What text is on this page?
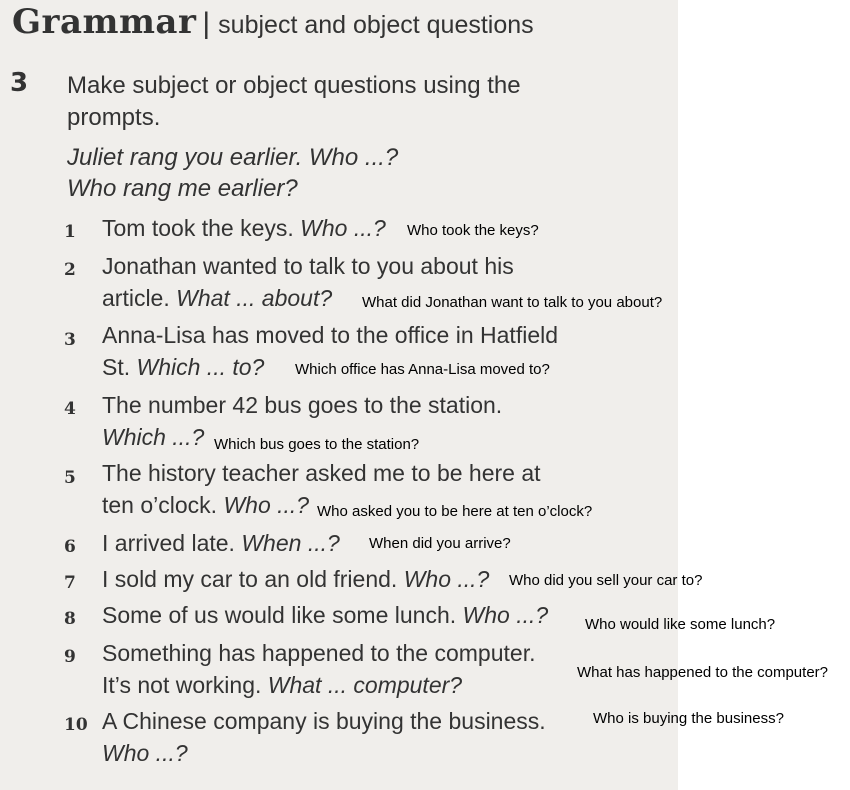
Grammar | subject and object questions
3 Make subject or object questions using the prompts.
Juliet rang you earlier. Who ...?
Who rang me earlier?
1 Tom took the keys. Who ...?
2 Jonathan wanted to talk to you about his
article. What ... about?
3 Anna-Lisa has moved to the office in Hatfield
St. Which ... to?
4 The number 42 bus goes to the station.
Which ...?
5 The history teacher asked me to be here at
ten o’clock. Who ...?
6 I arrived late. When ...?
7 I sold my car to an old friend. Who ...?
8 Some of us would like some lunch. Who ...?
9 Something has happened to the computer.
It’s not working. What ... computer?
10 A Chinese company is buying the business.
Who ...?
Who took the keys?
What did Jonathan want to talk to you about?
Which office has Anna-Lisa moved to?
Which bus goes to the station?
Who asked you to be here at ten o’clock?
When did you arrive?
Who did you sell your car to?
Who would like some lunch?
What has happened to the computer?
Who is buying the business?
